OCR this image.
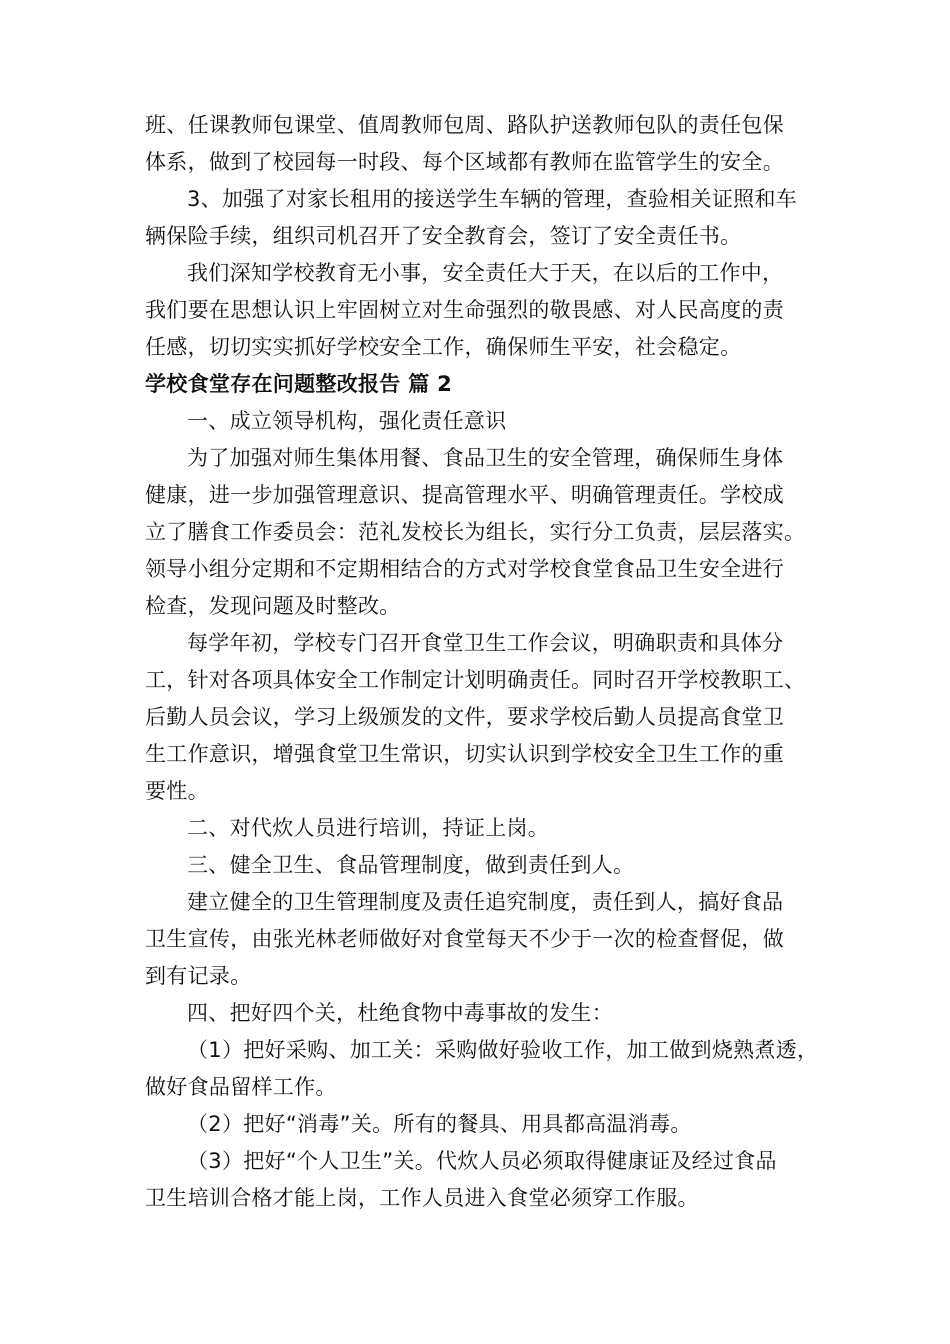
班、任课教师包课堂、值周教师包周、路队护送教师包队的责任包保
体系，做到了校园每一时段、每个区域都有教师在监管学生的安全。
3、加强了对家长租用的接送学生车辆的管理，查验相关证照和车
辆保险手续，组织司机召开了安全教育会，签订了安全责任书。
我们深知学校教育无小事，安全责任大于天，在以后的工作中，
我们要在思想认识上牢固树立对生命强烈的敬畏感、对人民高度的责
任感，切切实实抓好学校安全工作，确保师生平安，社会稳定。
学校食堂存在问题整改报告 篇 2
一、成立领导机构，强化责任意识
为了加强对师生集体用餐、食品卫生的安全管理，确保师生身体
健康，进一步加强管理意识、提高管理水平、明确管理责任。学校成
立了膳食工作委员会：范礼发校长为组长，实行分工负责，层层落实。
领导小组分定期和不定期相结合的方式对学校食堂食品卫生安全进行
检查，发现问题及时整改。
每学年初，学校专门召开食堂卫生工作会议，明确职责和具体分
工，针对各项具体安全工作制定计划明确责任。同时召开学校教职工、
后勤人员会议，学习上级颁发的文件，要求学校后勤人员提高食堂卫
生工作意识，增强食堂卫生常识，切实认识到学校安全卫生工作的重
要性。
二、对代炊人员进行培训，持证上岗。
三、健全卫生、食品管理制度，做到责任到人。
建立健全的卫生管理制度及责任追究制度，责任到人，搞好食品
卫生宣传，由张光林老师做好对食堂每天不少于一次的检查督促，做
到有记录。
四、把好四个关，杜绝食物中毒事故的发生：
（1）把好采购、加工关：采购做好验收工作，加工做到烧熟煮透，
做好食品留样工作。
（2）把好“消毒”关。所有的餐具、用具都高温消毒。
（3）把好“个人卫生”关。代炊人员必须取得健康证及经过食品
卫生培训合格才能上岗，工作人员进入食堂必须穿工作服。
